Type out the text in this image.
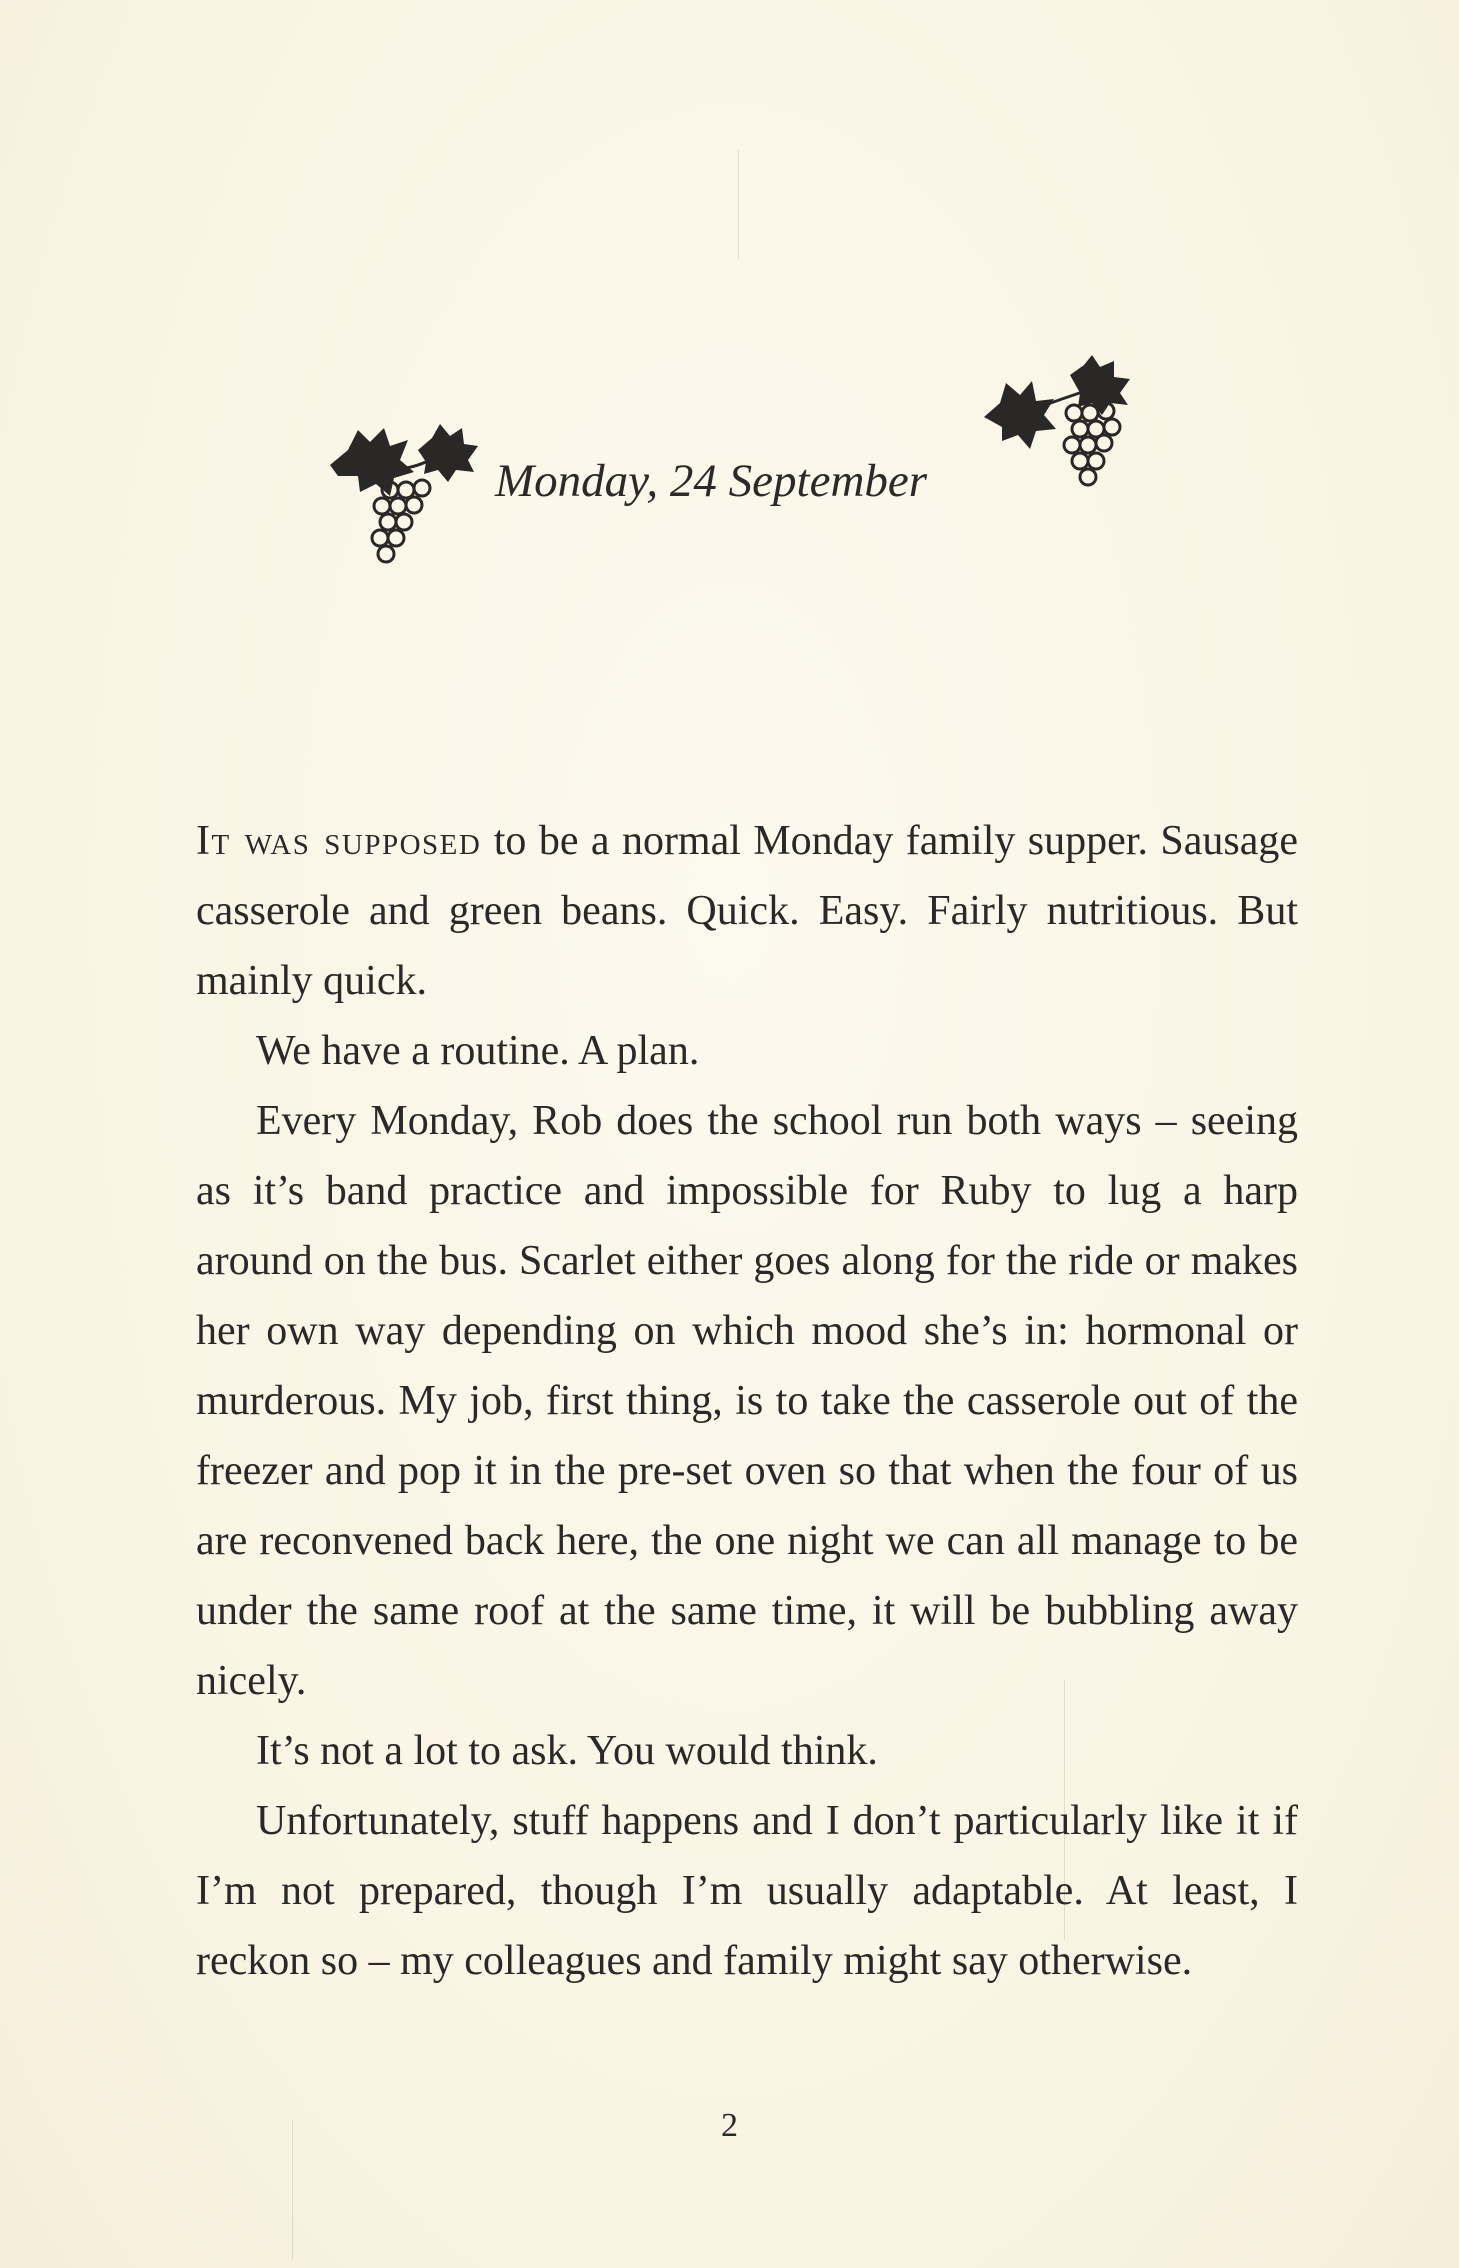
Monday, 24 September

It was supposed to be a normal Monday family supper. Sausage casserole and green beans. Quick. Easy. Fairly nutritious. But mainly quick.

We have a routine. A plan.

Every Monday, Rob does the school run both ways – seeing as it’s band practice and impossible for Ruby to lug a harp around on the bus. Scarlet either goes along for the ride or makes her own way depending on which mood she’s in: hormonal or murderous. My job, first thing, is to take the casserole out of the freezer and pop it in the pre-set oven so that when the four of us are reconvened back here, the one night we can all manage to be under the same roof at the same time, it will be bubbling away nicely.

It’s not a lot to ask. You would think.

Unfortunately, stuff happens and I don’t particularly like it if I’m not prepared, though I’m usually adaptable. At least, I reckon so – my colleagues and family might say otherwise.

2
